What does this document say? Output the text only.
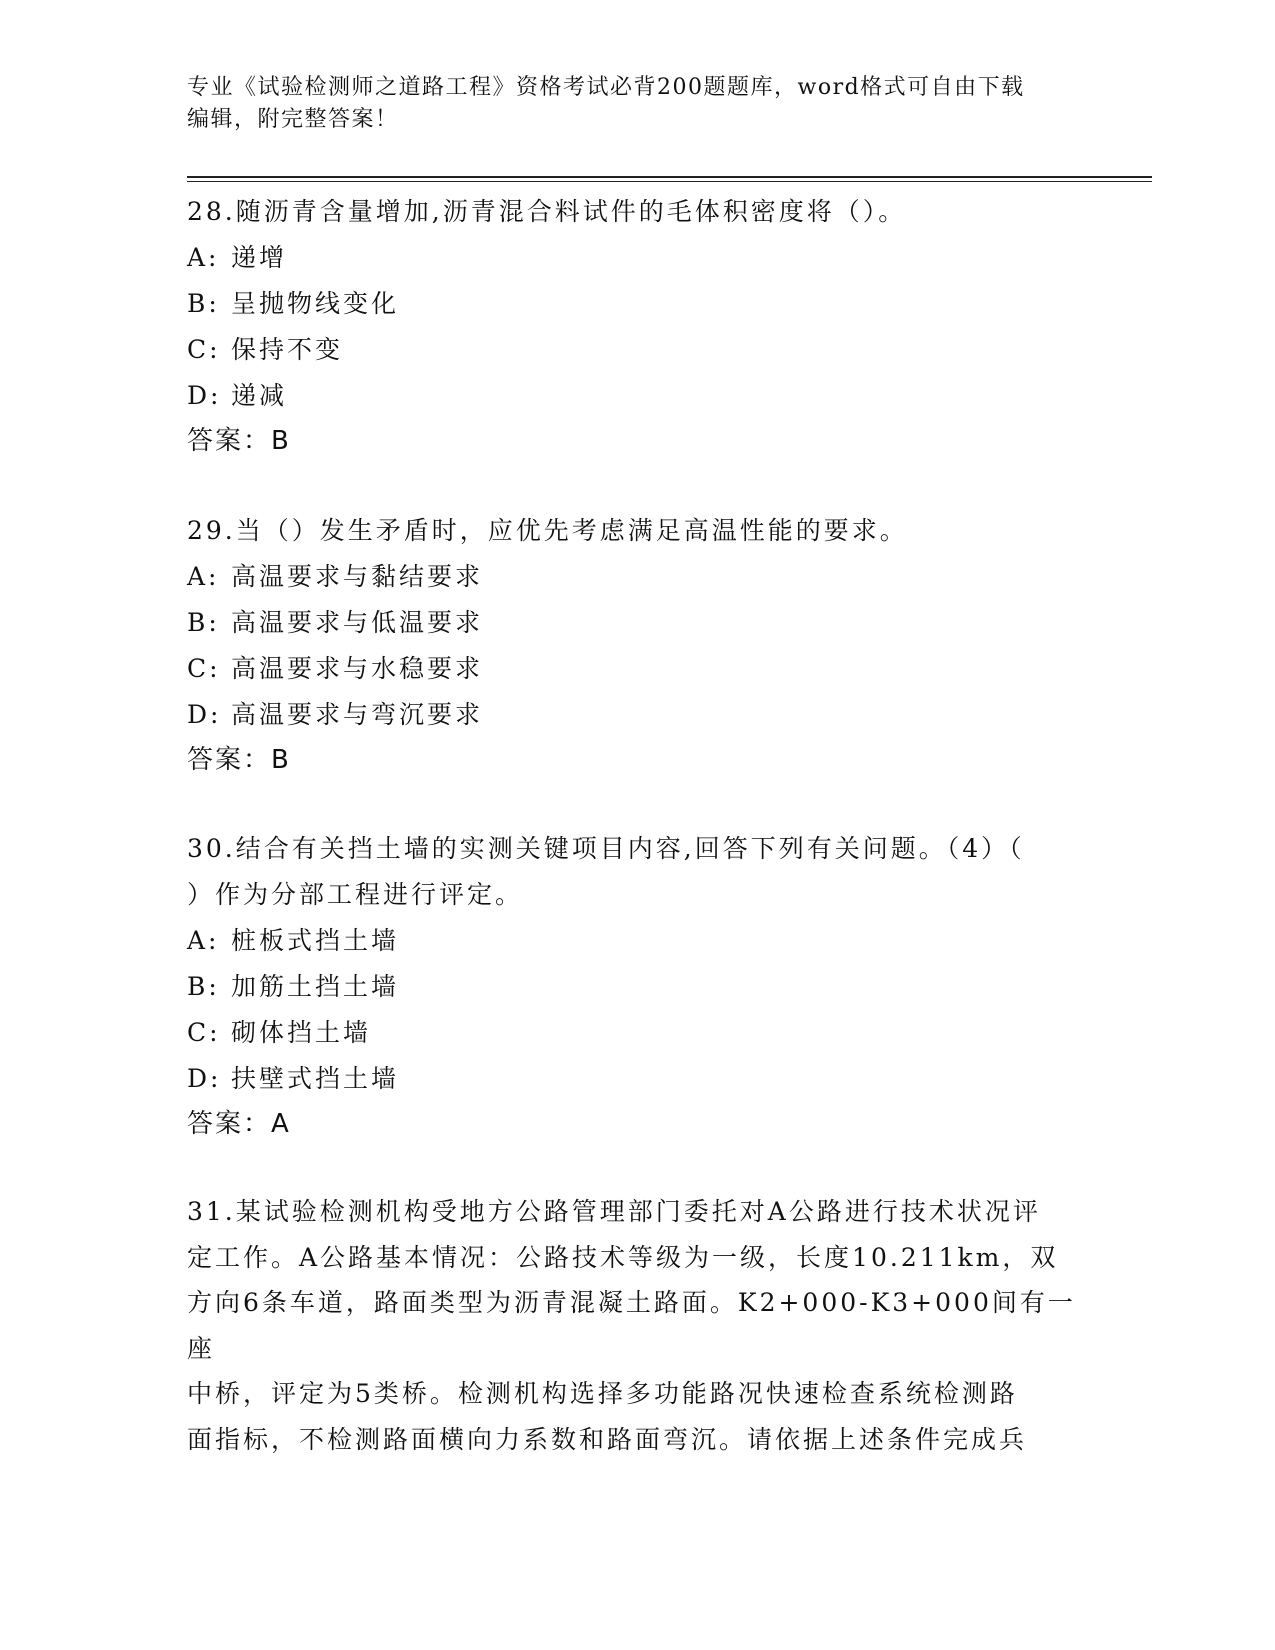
专业《试验检测师之道路工程》资格考试必背200题题库，word格式可自由下载
编辑，附完整答案！

28.随沥青含量增加,沥青混合料试件的毛体积密度将（）。

A: 递增

B: 呈抛物线变化

C: 保持不变

D: 递减

答案：B

29.当（）发生矛盾时，应优先考虑满足高温性能的要求。

A: 高温要求与黏结要求

B: 高温要求与低温要求

C: 高温要求与水稳要求

D: 高温要求与弯沉要求

答案：B

30.结合有关挡土墙的实测关键项目内容,回答下列有关问题。（4）（

）作为分部工程进行评定。

A: 桩板式挡土墙

B: 加筋土挡土墙

C: 砌体挡土墙

D: 扶壁式挡土墙

答案：A

31.某试验检测机构受地方公路管理部门委托对A公路进行技术状况评

定工作。A公路基本情况：公路技术等级为一级，长度10.211km，双

方向6条车道，路面类型为沥青混凝土路面。K2+000-K3+000间有一座

中桥，评定为5类桥。检测机构选择多功能路况快速检查系统检测路

面指标，不检测路面横向力系数和路面弯沉。请依据上述条件完成兵
